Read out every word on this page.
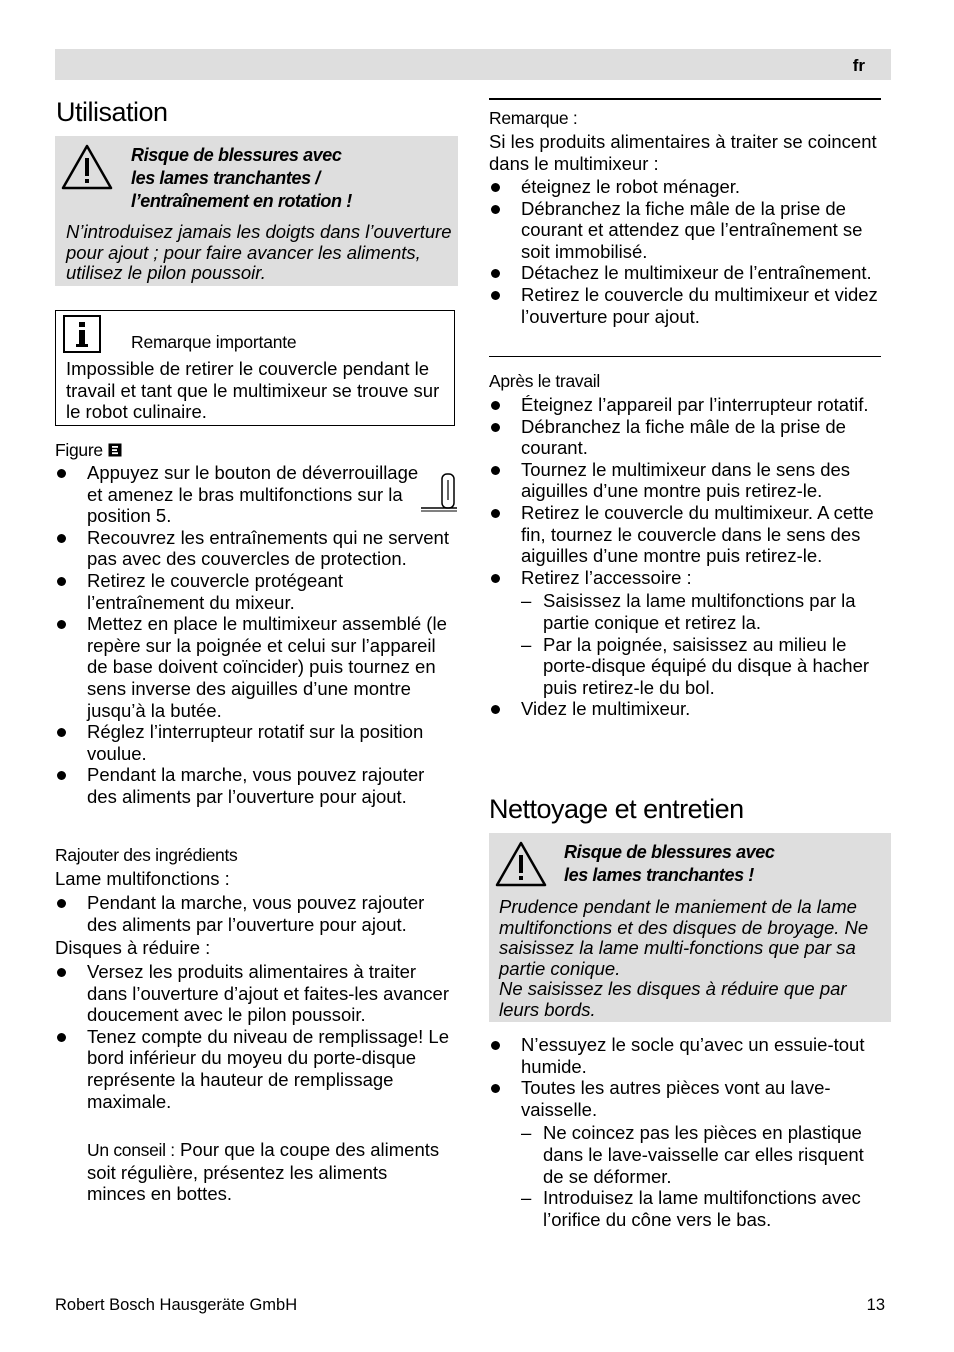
fr
Utilisation
Risque de blessures avec
les lames tranchantes /
l’entraînement en rotation !
N’introduisez jamais les doigts dans l’ouverture pour ajout ; pour faire avancer les aliments, utilisez le pilon poussoir.
Remarque importante
Impossible de retirer le couvercle pendant le travail et tant que le multimixeur se trouve sur le robot culinaire.
Figure
Appuyez sur le bouton de déverrouillage et amenez le bras multifonctions sur la position 5.
Recouvrez les entraînements qui ne servent pas avec des couvercles de protection.
Retirez le couvercle protégeant l’entraînement du mixeur.
Mettez en place le multimixeur assemblé (le repère sur la poignée et celui sur l’appareil de base doivent coïncider) puis tournez en sens inverse des aiguilles d’une montre jusqu’à la butée.
Réglez l’interrupteur rotatif sur la position voulue.
Pendant la marche, vous pouvez rajouter des aliments par l’ouverture pour ajout.
Rajouter des ingrédients
Lame multifonctions :
Pendant la marche, vous pouvez rajouter des aliments par l’ouverture pour ajout.
Disques à réduire :
Versez les produits alimentaires à traiter dans l’ouverture d’ajout et faites-les avancer doucement avec le pilon poussoir.
Tenez compte du niveau de remplissage! Le bord inférieur du moyeu du porte-disque représente la hauteur de remplissage maximale.
Un conseil : Pour que la coupe des aliments soit régulière, présentez les aliments minces en bottes.
Remarque :
Si les produits alimentaires à traiter se coincent dans le multimixeur :
éteignez le robot ménager.
Débranchez la fiche mâle de la prise de courant et attendez que l’entraînement se soit immobilisé.
Détachez le multimixeur de l’entraînement.
Retirez le couvercle du multimixeur et videz l’ouverture pour ajout.
Après le travail
Éteignez l’appareil par l’interrupteur rotatif.
Débranchez la fiche mâle de la prise de courant.
Tournez le multimixeur dans le sens des aiguilles d’une montre puis retirez-le.
Retirez le couvercle du multimixeur. A cette fin, tournez le couvercle dans le sens des aiguilles d’une montre puis retirez-le.
Retirez l’accessoire :
– Saisissez la lame multifonctions par la partie conique et retirez la.
– Par la poignée, saisissez au milieu le porte-disque équipé du disque à hacher puis retirez-le du bol.
Videz le multimixeur.
Nettoyage et entretien
Risque de blessures avec
les lames tranchantes !
Prudence pendant le maniement de la lame multifonctions et des disques de broyage. Ne saisissez la lame multi-fonctions que par sa partie conique.
Ne saisissez les disques à réduire que par leurs bords.
N’essuyez le socle qu’avec un essuie-tout humide.
Toutes les autres pièces vont au lave-vaisselle.
– Ne coincez pas les pièces en plastique dans le lave-vaisselle car elles risquent de se déformer.
– Introduisez la lame multifonctions avec l’orifice du cône vers le bas.
Robert Bosch Hausgeräte GmbH	13
